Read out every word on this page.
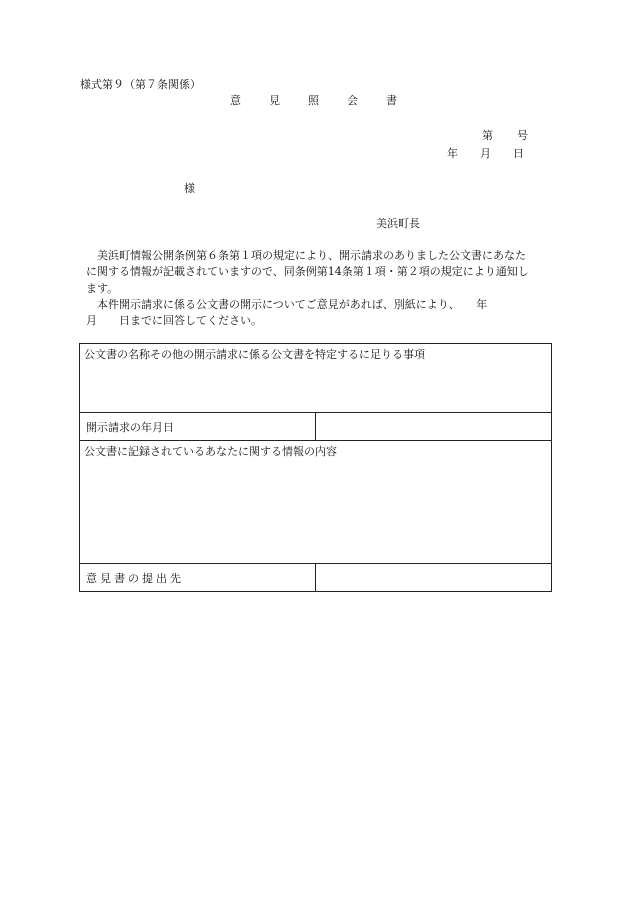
様式第９（第７条関係）
意	見	照	会	書
第 号
年 月 日
様
美浜町長

美浜町情報公開条例第６条第１項の規定により、開示請求のありました公文書にあなたに関する情報が記載されていますので、同条例第14条第１項・第２項の規定により通知します。

本件開示請求に係る公文書の開示についてご意見があれば、別紙により、　　年

月　　日までに回答してください。

公文書の名称その他の開示請求に係る公文書を特定するに足りる事項	
開示請求の年月日	
公文書に記録されているあなたに関する情報の内容	
意見書の提出先	
